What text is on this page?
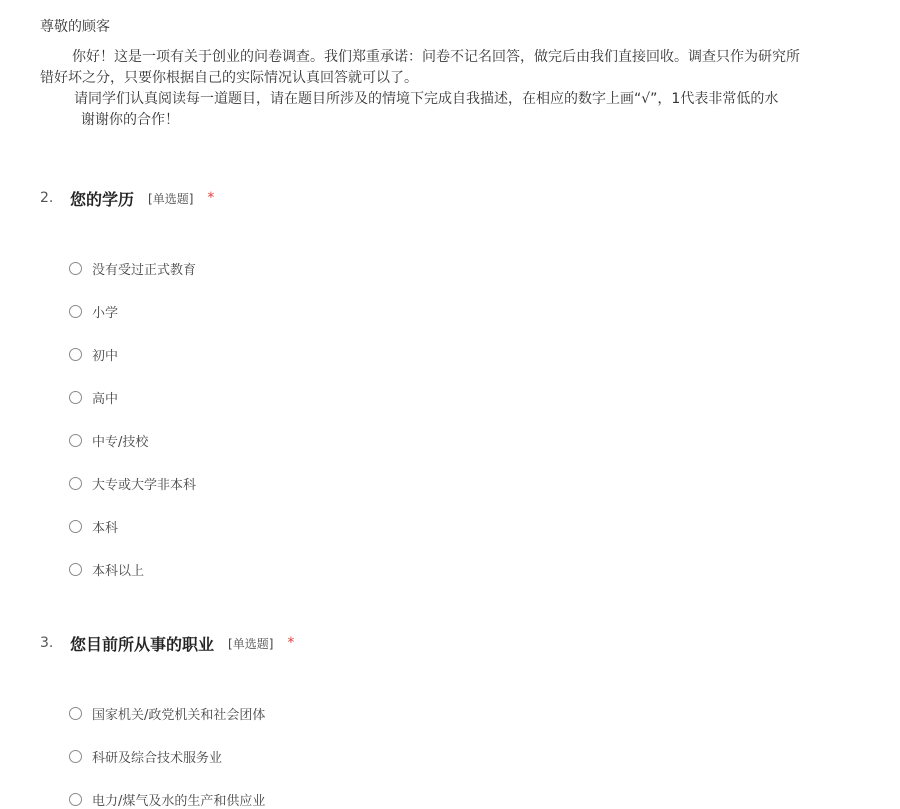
尊敬的顾客
你好！这是一项有关于创业的问卷调查。我们郑重承诺：问卷不记名回答，做完后由我们直接回收。调查只作为研究所
错好坏之分，只要你根据自己的实际情况认真回答就可以了。
请同学们认真阅读每一道题目，请在题目所涉及的情境下完成自我描述，在相应的数字上画“√”，1代表非常低的水
谢谢你的合作！
2.	您的学历 [单选题] *
没有受过正式教育
小学
初中
高中
中专/技校
大专或大学非本科
本科
本科以上
3.	您目前所从事的职业 [单选题] *
国家机关/政党机关和社会团体
科研及综合技术服务业
电力/煤气及水的生产和供应业
